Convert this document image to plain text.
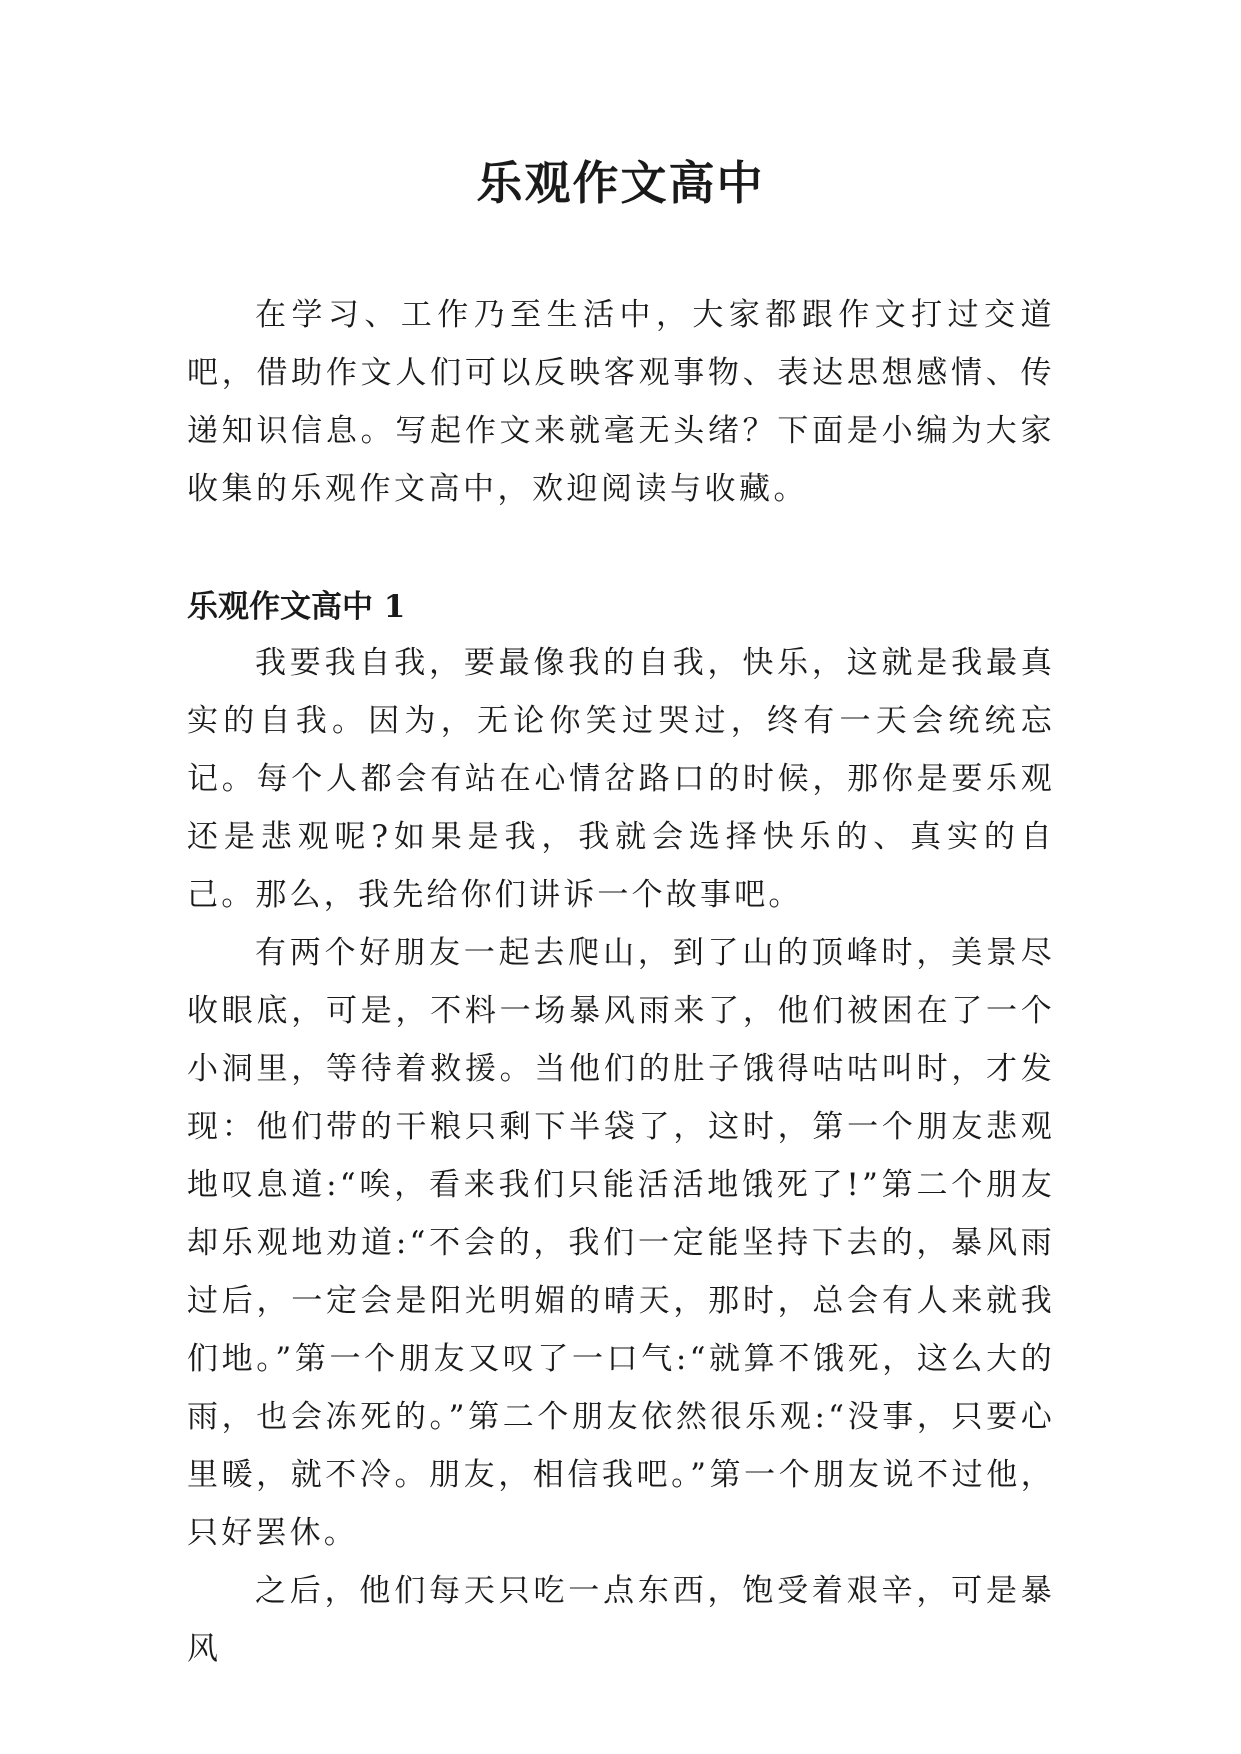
乐观作文高中

在学习、工作乃至生活中，大家都跟作文打过交道吧，借助作文人们可以反映客观事物、表达思想感情、传递知识信息。写起作文来就毫无头绪？下面是小编为大家收集的乐观作文高中，欢迎阅读与收藏。

乐观作文高中 1

我要我自我，要最像我的自我，快乐，这就是我最真实的自我。因为，无论你笑过哭过，终有一天会统统忘记。每个人都会有站在心情岔路口的时候，那你是要乐观还是悲观呢?如果是我，我就会选择快乐的、真实的自己。那么，我先给你们讲诉一个故事吧。

有两个好朋友一起去爬山，到了山的顶峰时，美景尽收眼底，可是，不料一场暴风雨来了，他们被困在了一个小洞里，等待着救援。当他们的肚子饿得咕咕叫时，才发现：他们带的干粮只剩下半袋了，这时，第一个朋友悲观地叹息道:“唉，看来我们只能活活地饿死了!”第二个朋友却乐观地劝道:“不会的，我们一定能坚持下去的，暴风雨过后，一定会是阳光明媚的晴天，那时，总会有人来就我们地。”第一个朋友又叹了一口气:“就算不饿死，这么大的雨，也会冻死的。”第二个朋友依然很乐观:“没事，只要心里暖，就不冷。朋友，相信我吧。”第一个朋友说不过他，只好罢休。

之后，他们每天只吃一点东西，饱受着艰辛，可是暴风
